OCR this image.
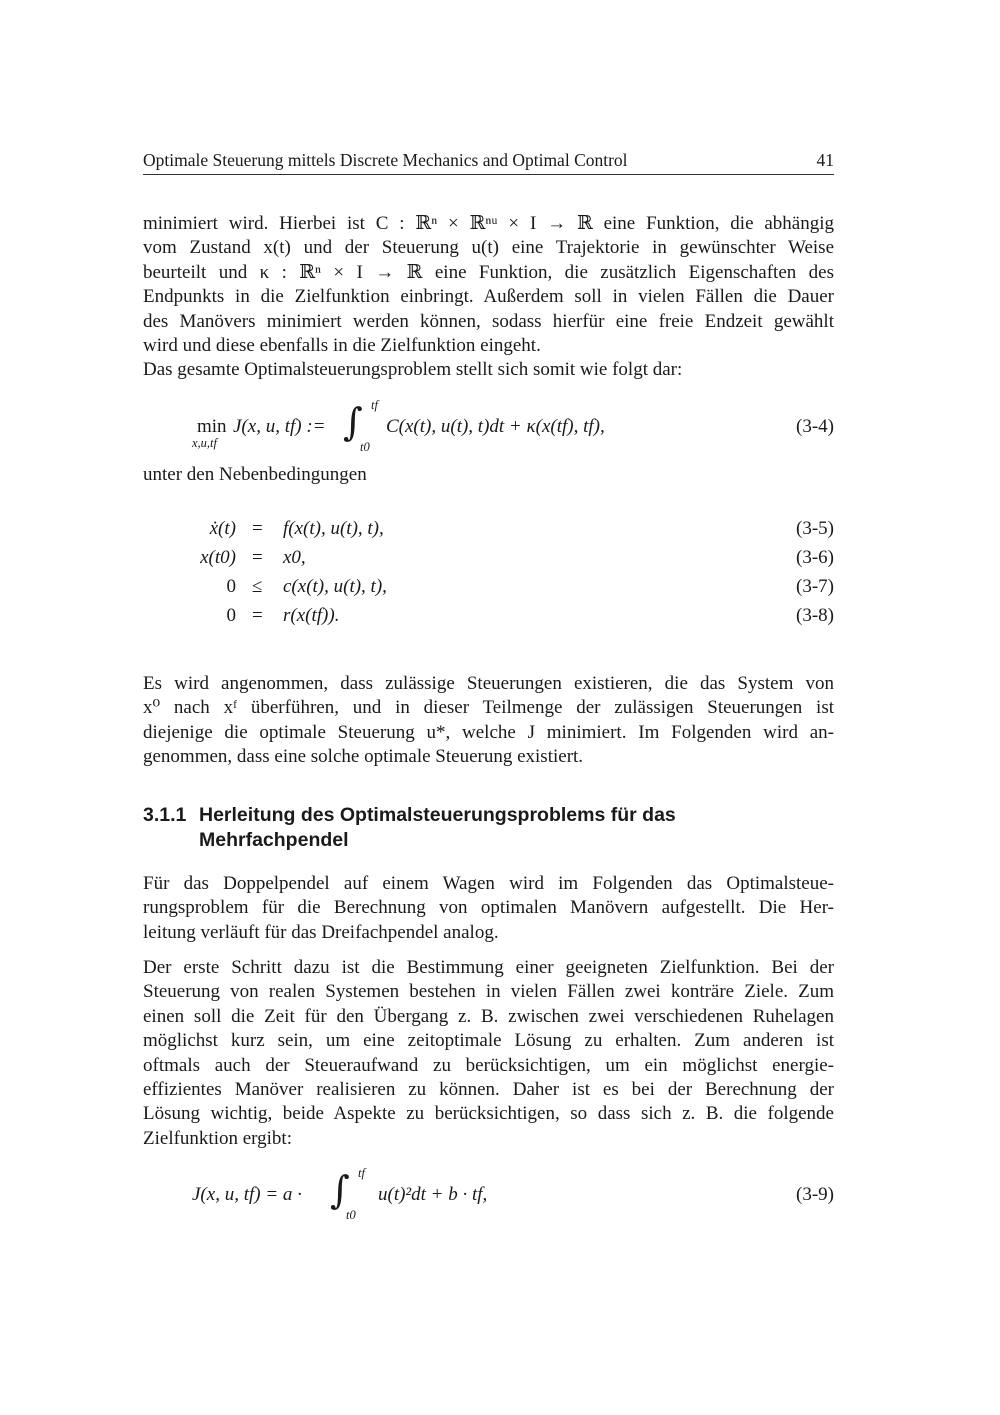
Optimale Steuerung mittels Discrete Mechanics and Optimal Control	41
minimiert wird. Hierbei ist C : ℝⁿ × ℝⁿᵘ × I → ℝ eine Funktion, die abhängig
vom Zustand x(t) und der Steuerung u(t) eine Trajektorie in gewünschter Weise
beurteilt und κ : ℝⁿ × I → ℝ eine Funktion, die zusätzlich Eigenschaften des
Endpunkts in die Zielfunktion einbringt. Außerdem soll in vielen Fällen die Dauer
des Manövers minimiert werden können, sodass hierfür eine freie Endzeit gewählt
wird und diese ebenfalls in die Zielfunktion eingeht.
Das gesamte Optimalsteuerungsproblem stellt sich somit wie folgt dar:
min
x,u,tf
J(x, u, tf) := ∫ tf
t0
C(x(t), u(t), t)dt + κ(x(tf), tf),	(3-4)
unter den Nebenbedingungen
ẋ(t) = f(x(t), u(t), t),	(3-5)
x(t0) = x0,	(3-6)
0 ≤ c(x(t), u(t), t),	(3-7)
0 = r(x(tf)).	(3-8)
Es wird angenommen, dass zulässige Steuerungen existieren, die das System von
x⁰ nach xᶠ überführen, und in dieser Teilmenge der zulässigen Steuerungen ist
diejenige die optimale Steuerung u*, welche J minimiert. Im Folgenden wird an-
genommen, dass eine solche optimale Steuerung existiert.
3.1.1 Herleitung des Optimalsteuerungsproblems für das
Mehrfachpendel
Für das Doppelpendel auf einem Wagen wird im Folgenden das Optimalsteue-
rungsproblem für die Berechnung von optimalen Manövern aufgestellt. Die Her-
leitung verläuft für das Dreifachpendel analog.
Der erste Schritt dazu ist die Bestimmung einer geeigneten Zielfunktion. Bei der
Steuerung von realen Systemen bestehen in vielen Fällen zwei konträre Ziele. Zum
einen soll die Zeit für den Übergang z. B. zwischen zwei verschiedenen Ruhelagen
möglichst kurz sein, um eine zeitoptimale Lösung zu erhalten. Zum anderen ist
oftmals auch der Steueraufwand zu berücksichtigen, um ein möglichst energie-
effizientes Manöver realisieren zu können. Daher ist es bei der Berechnung der
Lösung wichtig, beide Aspekte zu berücksichtigen, so dass sich z. B. die folgende
Zielfunktion ergibt:
J(x, u, tf) = a · ∫ tf
t0
u(t)²dt + b · tf,	(3-9)
